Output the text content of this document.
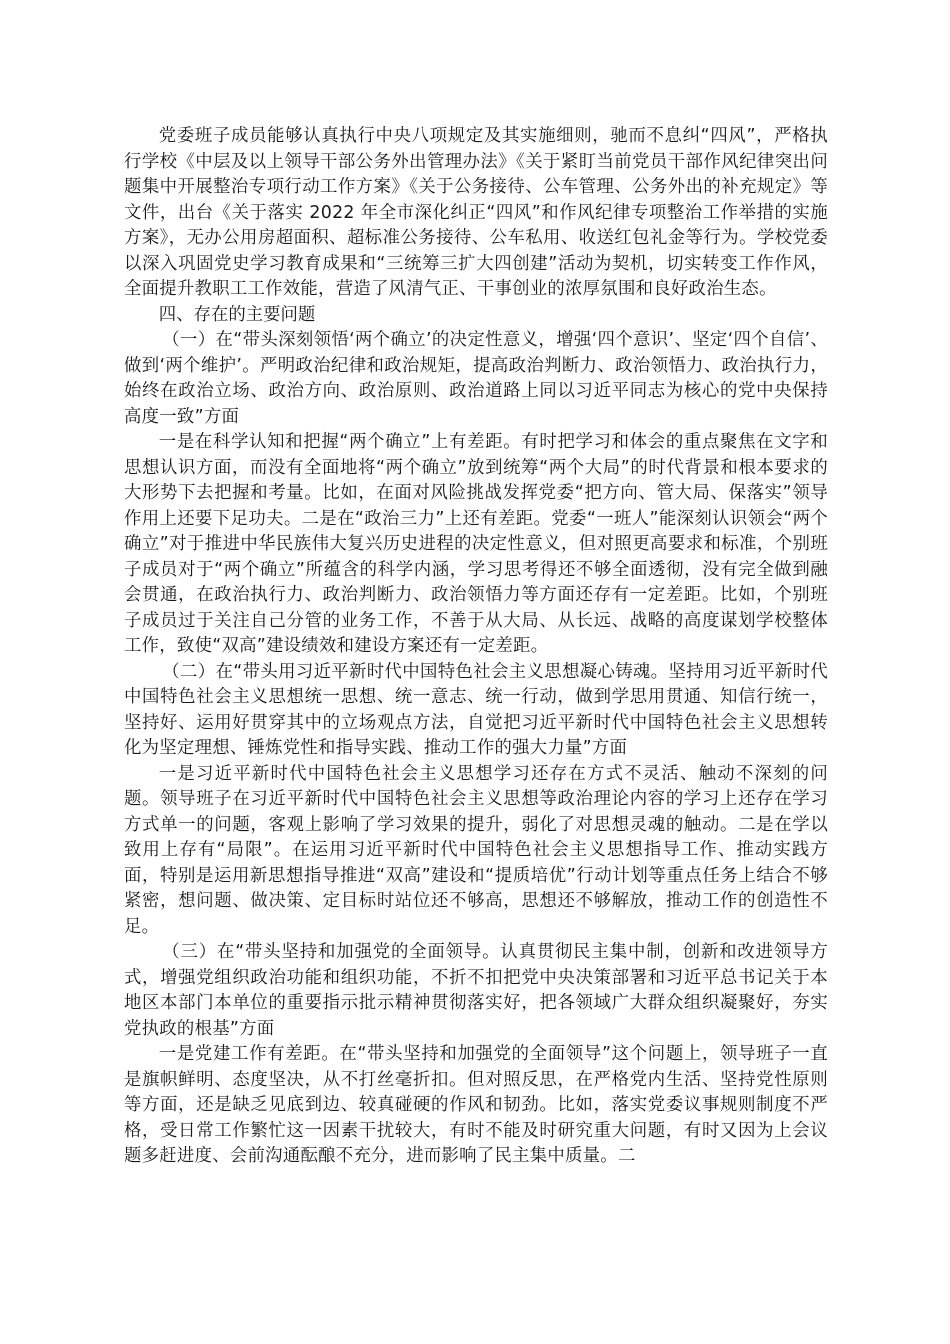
党委班子成员能够认真执行中央八项规定及其实施细则，驰而不息纠“四风”，严格执行学校《中层及以上领导干部公务外出管理办法》《关于紧盯当前党员干部作风纪律突出问题集中开展整治专项行动工作方案》《关于公务接待、公车管理、公务外出的补充规定》等文件，出台《关于落实 2022 年全市深化纠正“四风”和作风纪律专项整治工作举措的实施方案》，无办公用房超面积、超标准公务接待、公车私用、收送红包礼金等行为。学校党委以深入巩固党史学习教育成果和“三统筹三扩大四创建”活动为契机，切实转变工作作风，全面提升教职工工作效能，营造了风清气正、干事创业的浓厚氛围和良好政治生态。

四、存在的主要问题

（一）在“带头深刻领悟‘两个确立’的决定性意义，增强‘四个意识’、坚定‘四个自信’、做到‘两个维护’。严明政治纪律和政治规矩，提高政治判断力、政治领悟力、政治执行力，始终在政治立场、政治方向、政治原则、政治道路上同以习近平同志为核心的党中央保持高度一致”方面

一是在科学认知和把握“两个确立”上有差距。有时把学习和体会的重点聚焦在文字和思想认识方面，而没有全面地将“两个确立”放到统筹“两个大局”的时代背景和根本要求的大形势下去把握和考量。比如，在面对风险挑战发挥党委“把方向、管大局、保落实”领导作用上还要下足功夫。二是在“政治三力”上还有差距。党委“一班人”能深刻认识领会“两个确立”对于推进中华民族伟大复兴历史进程的决定性意义，但对照更高要求和标准，个别班子成员对于“两个确立”所蕴含的科学内涵，学习思考得还不够全面透彻，没有完全做到融会贯通，在政治执行力、政治判断力、政治领悟力等方面还存有一定差距。比如，个别班子成员过于关注自己分管的业务工作，不善于从大局、从长远、战略的高度谋划学校整体工作，致使“双高”建设绩效和建设方案还有一定差距。

（二）在“带头用习近平新时代中国特色社会主义思想凝心铸魂。坚持用习近平新时代中国特色社会主义思想统一思想、统一意志、统一行动，做到学思用贯通、知信行统一，坚持好、运用好贯穿其中的立场观点方法，自觉把习近平新时代中国特色社会主义思想转化为坚定理想、锤炼党性和指导实践、推动工作的强大力量”方面

一是习近平新时代中国特色社会主义思想学习还存在方式不灵活、触动不深刻的问题。领导班子在习近平新时代中国特色社会主义思想等政治理论内容的学习上还存在学习方式单一的问题，客观上影响了学习效果的提升，弱化了对思想灵魂的触动。二是在学以致用上存有“局限”。在运用习近平新时代中国特色社会主义思想指导工作、推动实践方面，特别是运用新思想指导推进“双高”建设和“提质培优”行动计划等重点任务上结合不够紧密，想问题、做决策、定目标时站位还不够高，思想还不够解放，推动工作的创造性不足。

（三）在“带头坚持和加强党的全面领导。认真贯彻民主集中制，创新和改进领导方式，增强党组织政治功能和组织功能，不折不扣把党中央决策部署和习近平总书记关于本地区本部门本单位的重要指示批示精神贯彻落实好，把各领域广大群众组织凝聚好，夯实党执政的根基”方面

一是党建工作有差距。在“带头坚持和加强党的全面领导”这个问题上，领导班子一直是旗帜鲜明、态度坚决，从不打丝毫折扣。但对照反思，在严格党内生活、坚持党性原则等方面，还是缺乏见底到边、较真碰硬的作风和韧劲。比如，落实党委议事规则制度不严格，受日常工作繁忙这一因素干扰较大，有时不能及时研究重大问题，有时又因为上会议题多赶进度、会前沟通酝酿不充分，进而影响了民主集中质量。二
